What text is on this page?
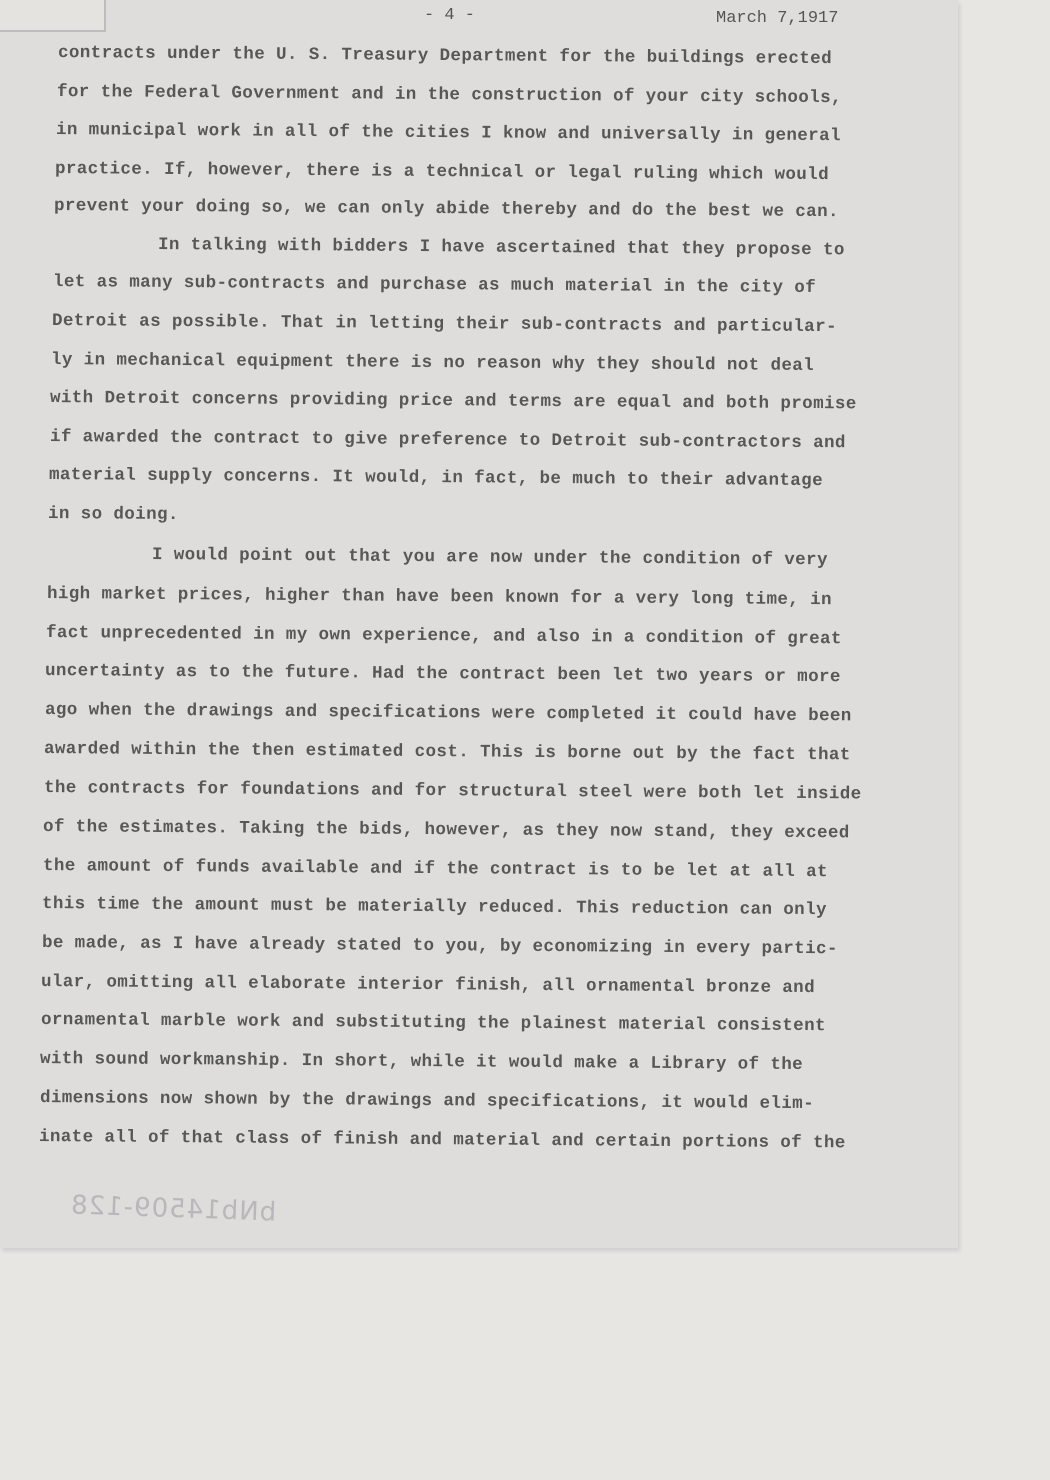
- 4 -	March 7,1917
contracts under the U. S. Treasury Department for the buildings erected
for the Federal Government and in the construction of your city schools,
in municipal work in all of the cities I know and universally in general
practice. If, however, there is a technical or legal ruling which would
prevent your doing so, we can only abide thereby and do the best we can.
In talking with bidders I have ascertained that they propose to
let as many sub-contracts and purchase as much material in the city of
Detroit as possible. That in letting their sub-contracts and particular-
ly in mechanical equipment there is no reason why they should not deal
with Detroit concerns providing price and terms are equal and both promise
if awarded the contract to give preference to Detroit sub-contractors and
material supply concerns. It would, in fact, be much to their advantage
in so doing.
I would point out that you are now under the condition of very
high market prices, higher than have been known for a very long time, in
fact unprecedented in my own experience, and also in a condition of great
uncertainty as to the future. Had the contract been let two years or more
ago when the drawings and specifications were completed it could have been
awarded within the then estimated cost. This is borne out by the fact that
the contracts for foundations and for structural steel were both let inside
of the estimates. Taking the bids, however, as they now stand, they exceed
the amount of funds available and if the contract is to be let at all at
this time the amount must be materially reduced. This reduction can only
be made, as I have already stated to you, by economizing in every partic-
ular, omitting all elaborate interior finish, all ornamental bronze and
ornamental marble work and substituting the plainest material consistent
with sound workmanship. In short, while it would make a Library of the
dimensions now shown by the drawings and specifications, it would elim-
inate all of that class of finish and material and certain portions of the
bNb14509-128
